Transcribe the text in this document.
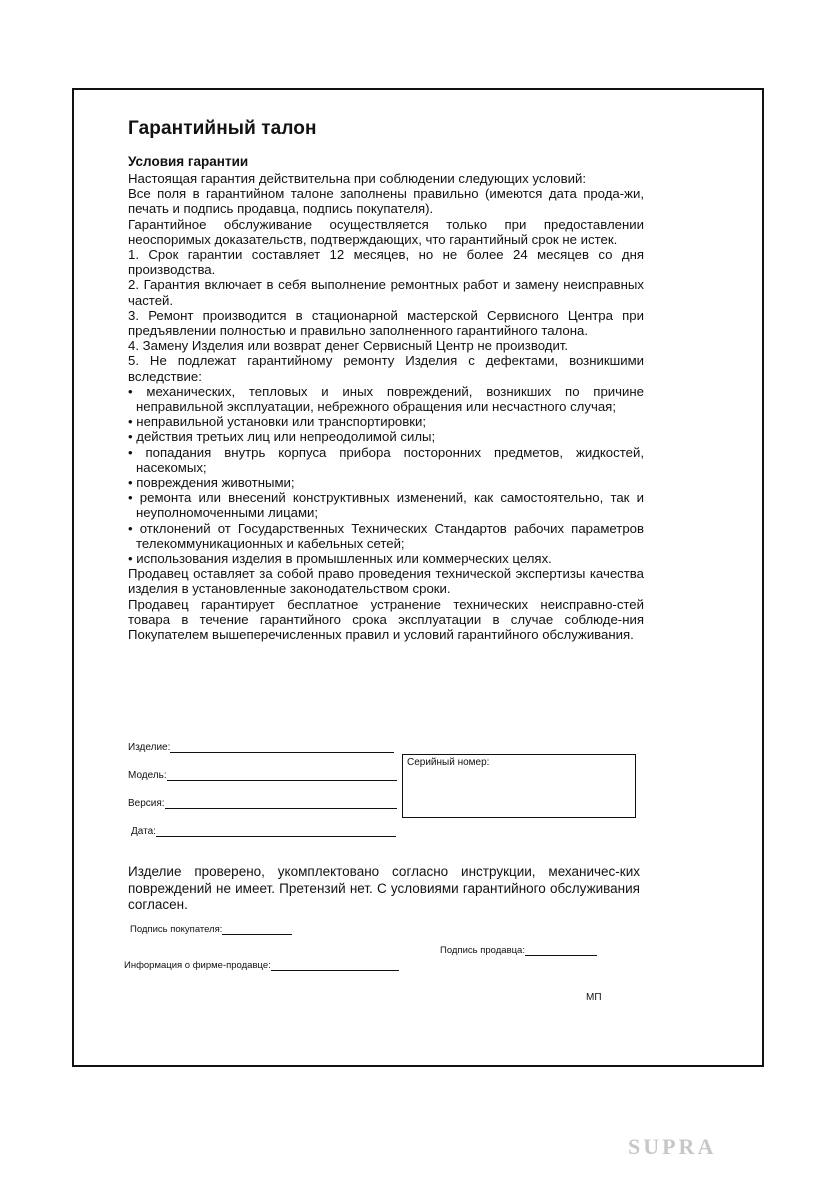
Гарантийный талон
Условия гарантии

Настоящая гарантия действительна при соблюдении следующих условий:

Все поля в гарантийном талоне заполнены правильно (имеются дата прода-жи, печать и подпись продавца, подпись покупателя).

Гарантийное обслуживание осуществляется только при предоставлении неоспоримых доказательств, подтверждающих, что гарантийный срок не истек.

1. Срок гарантии составляет 12 месяцев, но не более 24 месяцев со дня производства.

2. Гарантия включает в себя выполнение ремонтных работ и замену неисправных частей.

3. Ремонт производится в стационарной мастерской Сервисного Центра при предъявлении полностью и правильно заполненного гарантийного талона.

4. Замену Изделия или возврат денег Сервисный Центр не производит.

5. Не подлежат гарантийному ремонту Изделия с дефектами, возникшими вследствие:

• механических, тепловых и иных повреждений, возникших по причине неправильной эксплуатации, небрежного обращения или несчастного случая;

• неправильной установки или транспортировки;

• действия третьих лиц или непреодолимой силы;

• попадания внутрь корпуса прибора посторонних предметов, жидкостей, насекомых;

• повреждения животными;

• ремонта или внесений конструктивных изменений, как самостоятельно, так и неуполномоченными лицами;

• отклонений от Государственных Технических Стандартов рабочих параметров телекоммуникационных и кабельных сетей;

• использования изделия в промышленных или коммерческих целях.

Продавец оставляет за собой право проведения технической экспертизы качества изделия в установленные законодательством сроки.

Продавец гарантирует бесплатное устранение технических неисправно-стей товара в течение гарантийного срока эксплуатации в случае соблюде-ния Покупателем вышеперечисленных правил и условий гарантийного обслуживания.

Изделие:
Модель:
Версия:
Дата:
Серийный номер:
Изделие проверено, укомплектовано согласно инструкции, механичес-ких повреждений не имеет. Претензий нет. С условиями гарантийного обслуживания согласен.
Подпись покупателя:
Подпись продавца:
Информация о фирме-продавце:
МП
SUPRA
